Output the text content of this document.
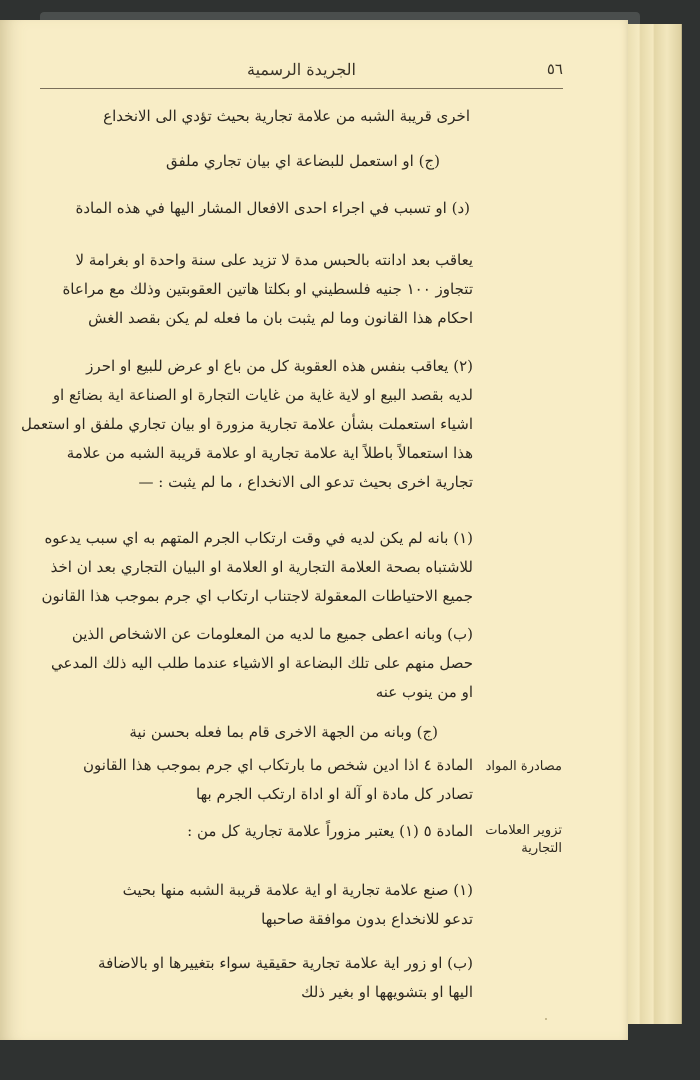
٥٦
الجريدة الرسمية
اخرى قريبة الشبه من علامة تجارية بحيث تؤدي الى الانخداع
(ج) او استعمل للبضاعة اي بيان تجاري ملفق
(د) او تسبب في اجراء احدى الافعال المشار اليها في هذه المادة
يعاقب بعد ادانته بالحبس مدة لا تزيد على سنة واحدة او بغرامة لا
تتجاوز ١٠٠ جنيه فلسطيني او بكلتا هاتين العقوبتين وذلك مع مراعاة
احكام هذا القانون وما لم يثبت بان ما فعله لم يكن بقصد الغش
(٢) يعاقب بنفس هذه العقوبة كل من باع او عرض للبيع او احرز
لديه بقصد البيع او لاية غاية من غايات التجارة او الصناعة اية بضائع او
اشياء استعملت بشأن علامة تجارية مزورة او بيان تجاري ملفق او استعمل
هذا استعمالاً باطلاً اية علامة تجارية او علامة قريبة الشبه من علامة
تجارية اخرى بحيث تدعو الى الانخداع ، ما لم يثبت : —
(١) بانه لم يكن لديه في وقت ارتكاب الجرم المتهم به اي سبب يدعوه
للاشتباه بصحة العلامة التجارية او العلامة او البيان التجاري بعد ان اخذ
جميع الاحتياطات المعقولة لاجتناب ارتكاب اي جرم بموجب هذا القانون
(ب) وبانه اعطى جميع ما لديه من المعلومات عن الاشخاص الذين
حصل منهم على تلك البضاعة او الاشياء عندما طلب اليه ذلك المدعي
او من ينوب عنه
(ج) وبانه من الجهة الاخرى قام بما فعله بحسن نية
مصادرة المواد
المادة ٤ اذا ادين شخص ما بارتكاب اي جرم بموجب هذا القانون
تصادر كل مادة او آلة او اداة ارتكب الجرم بها
تزوير العلامات
التجارية
المادة ٥ (١) يعتبر مزوراً علامة تجارية كل من :
(١) صنع علامة تجارية او اية علامة قريبة الشبه منها بحيث
تدعو للانخداع بدون موافقة صاحبها
(ب) او زور اية علامة تجارية حقيقية سواء بتغييرها او بالاضافة
اليها او بتشويهها او بغير ذلك
